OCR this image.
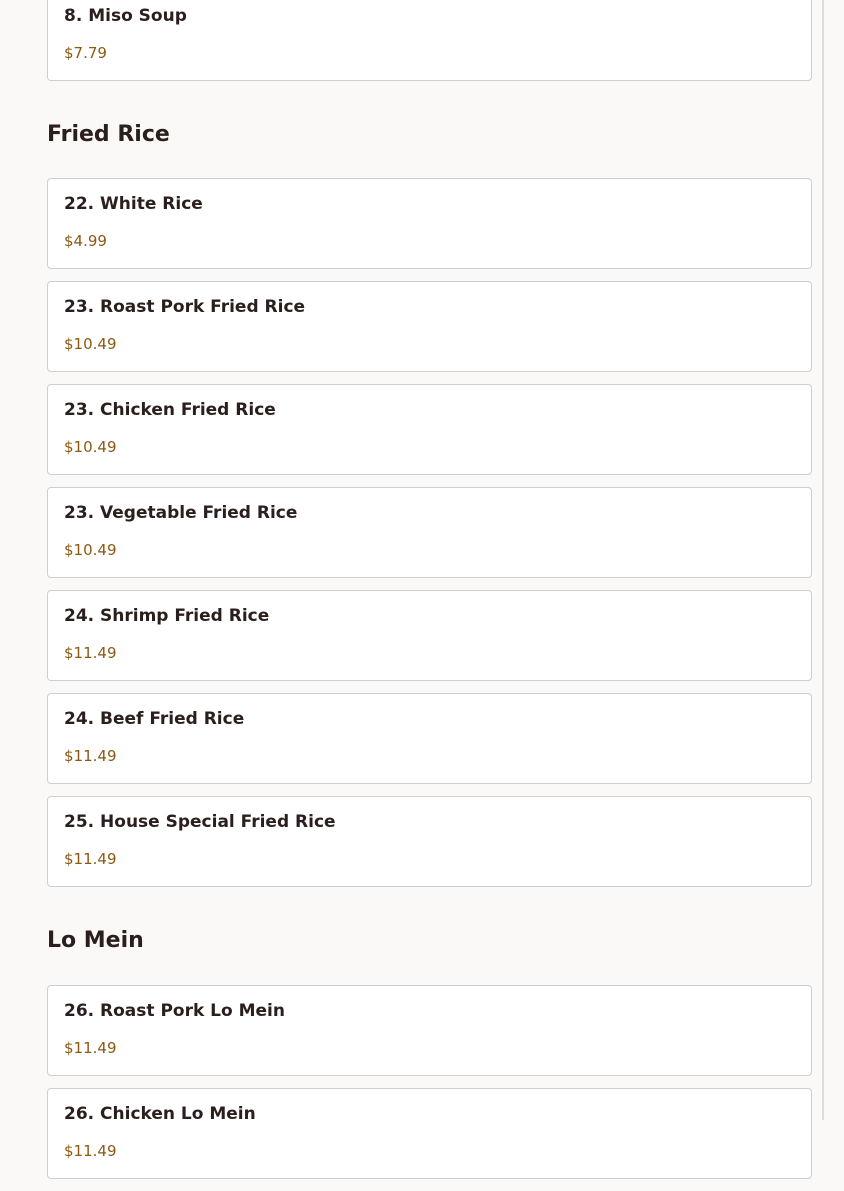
8. Miso Soup
$7.79
Fried Rice
22. White Rice
$4.99
23. Roast Pork Fried Rice
$10.49
23. Chicken Fried Rice
$10.49
23. Vegetable Fried Rice
$10.49
24. Shrimp Fried Rice
$11.49
24. Beef Fried Rice
$11.49
25. House Special Fried Rice
$11.49
Lo Mein
26. Roast Pork Lo Mein
$11.49
26. Chicken Lo Mein
$11.49
